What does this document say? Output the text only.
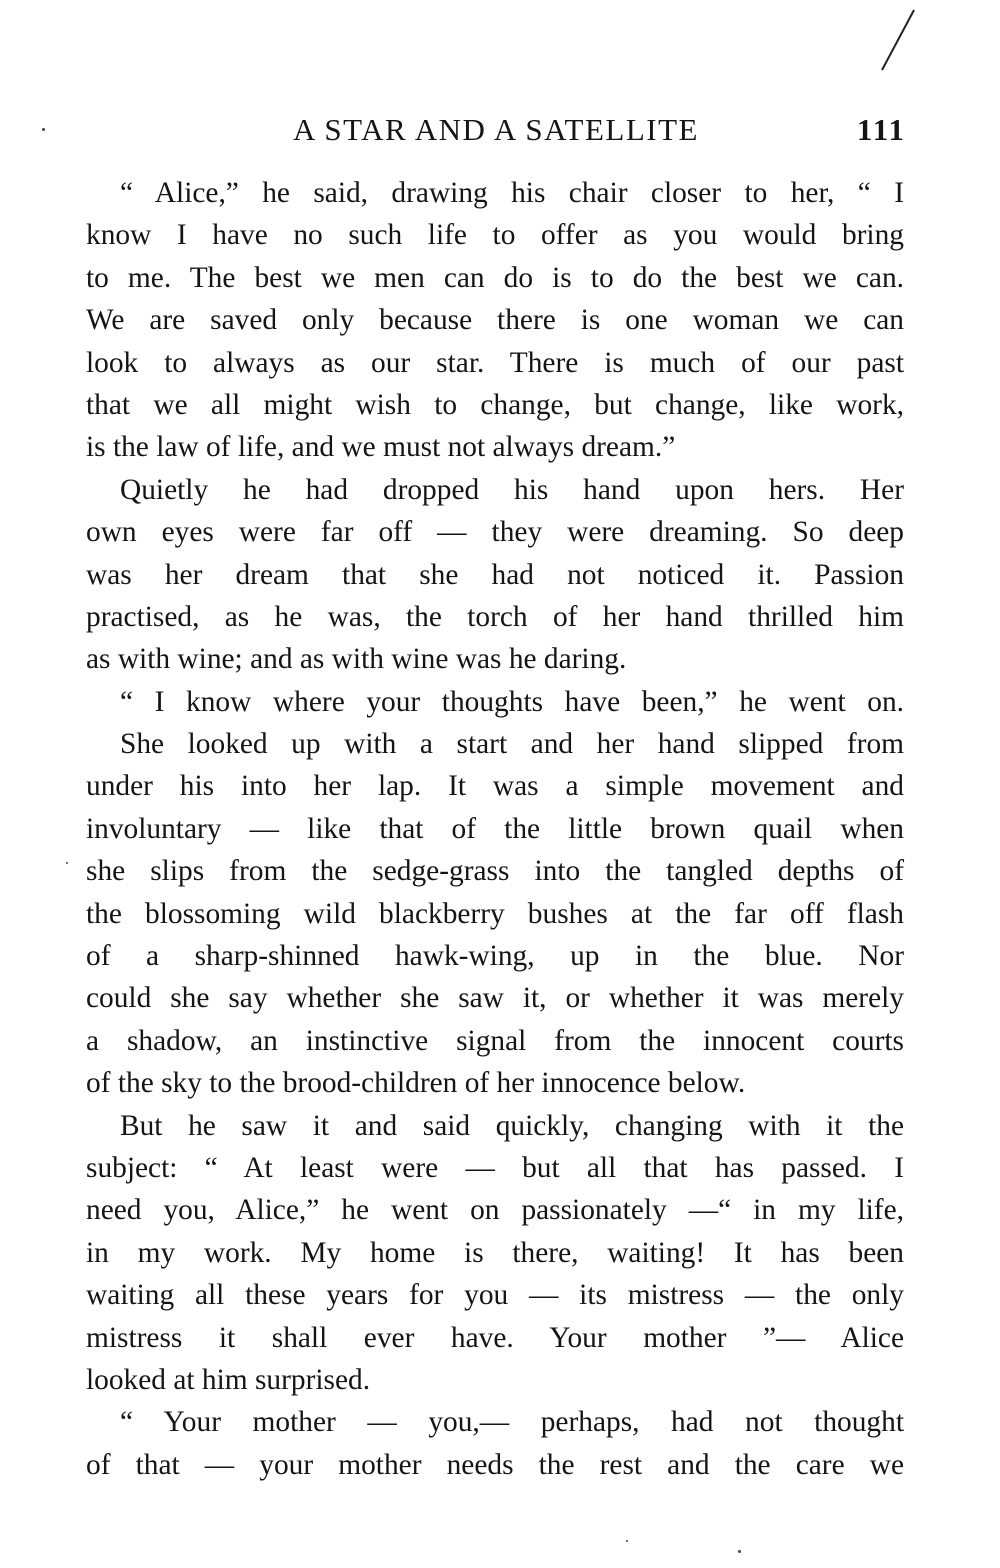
A STAR AND A SATELLITE	111
“ Alice,” he said, drawing his chair closer to her, “ I
know I have no such life to offer as you would bring
to me. The best we men can do is to do the best we can.
We are saved only because there is one woman we can
look to always as our star. There is much of our past
that we all might wish to change, but change, like work,
is the law of life, and we must not always dream.”
Quietly he had dropped his hand upon hers. Her
own eyes were far off — they were dreaming. So deep
was her dream that she had not noticed it. Passion
practised, as he was, the torch of her hand thrilled him
as with wine; and as with wine was he daring.
“ I know where your thoughts have been,” he went on.
She looked up with a start and her hand slipped from
under his into her lap. It was a simple movement and
involuntary — like that of the little brown quail when
she slips from the sedge-grass into the tangled depths of
the blossoming wild blackberry bushes at the far off flash
of a sharp-shinned hawk-wing, up in the blue. Nor
could she say whether she saw it, or whether it was merely
a shadow, an instinctive signal from the innocent courts
of the sky to the brood-children of her innocence below.
But he saw it and said quickly, changing with it the
subject: “ At least were — but all that has passed. I
need you, Alice,” he went on passionately —“ in my life,
in my work. My home is there, waiting! It has been
waiting all these years for you — its mistress — the only
mistress it shall ever have. Your mother ”— Alice
looked at him surprised.
“ Your mother — you,— perhaps, had not thought
of that — your mother needs the rest and the care we
